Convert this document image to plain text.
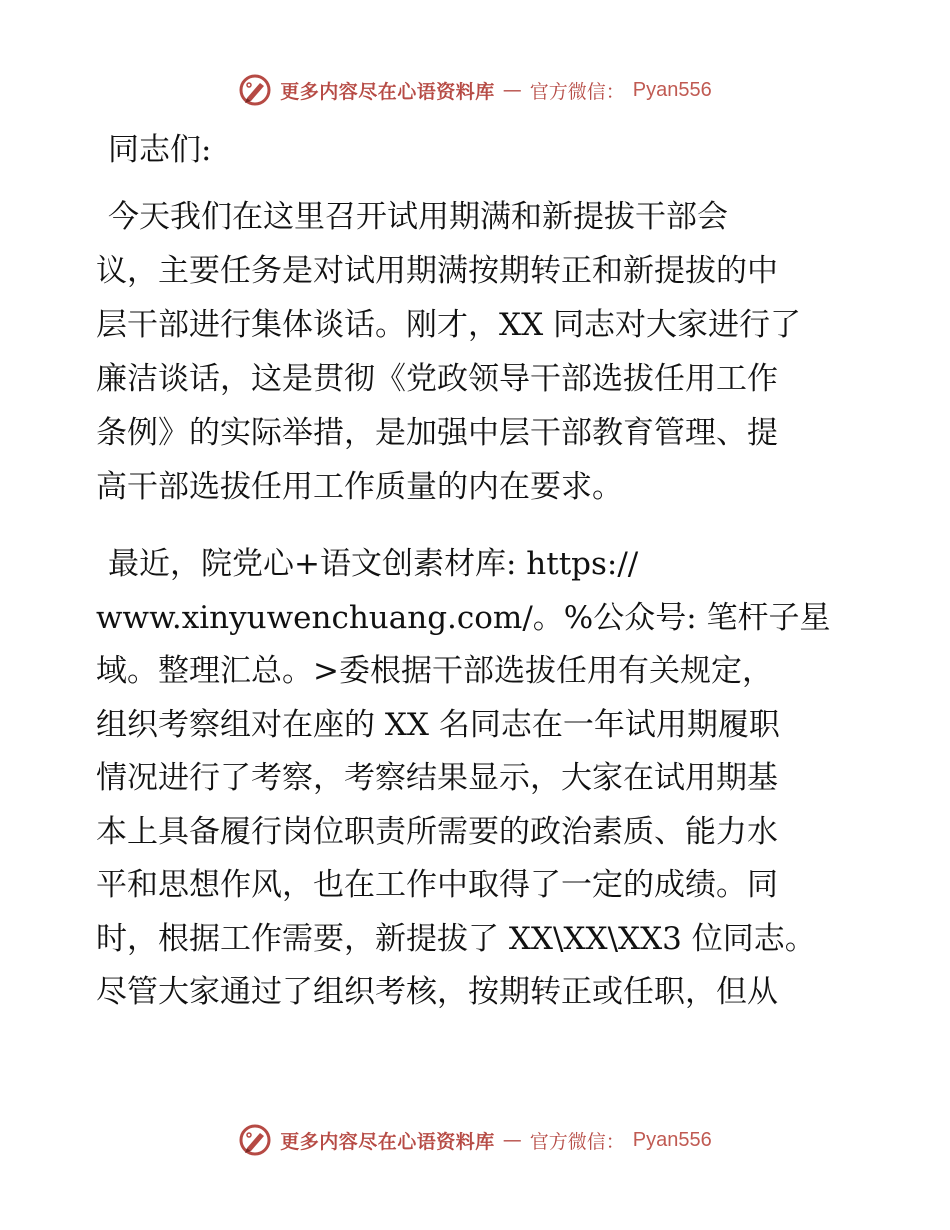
更多内容尽在心语资料库 — 官方微信： Pyan556
同志们:
今天我们在这里召开试用期满和新提拔干部会
议，主要任务是对试用期满按期转正和新提拔的中
层干部进行集体谈话。刚才，XX 同志对大家进行了
廉洁谈话，这是贯彻《党政领导干部选拔任用工作
条例》的实际举措，是加强中层干部教育管理、提
高干部选拔任用工作质量的内在要求。
最近，院党心+语文创素材库: https://
www.xinyuwenchuang.com/。%公众号: 笔杆子星
域。整理汇总。>委根据干部选拔任用有关规定，
组织考察组对在座的 XX 名同志在一年试用期履职
情况进行了考察，考察结果显示，大家在试用期基
本上具备履行岗位职责所需要的政治素质、能力水
平和思想作风，也在工作中取得了一定的成绩。同
时，根据工作需要，新提拔了 XX\XX\XX3 位同志。
尽管大家通过了组织考核，按期转正或任职，但从
更多内容尽在心语资料库 — 官方微信： Pyan556
